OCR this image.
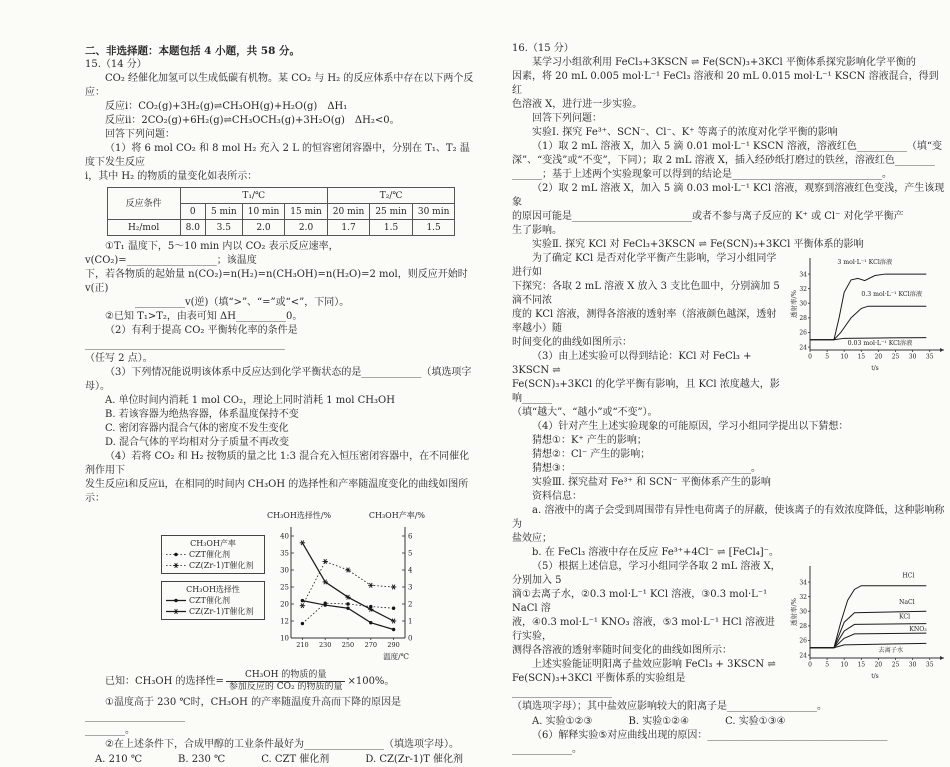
二、非选择题：本题包括 4 小题，共 58 分。
15.（14 分）
CO₂ 经催化加氢可以生成低碳有机物。某 CO₂ 与 H₂ 的反应体系中存在以下两个反应：
反应ⅰ：CO₂(g)+3H₂(g)⇌CH₃OH(g)+H₂O(g)　ΔH₁
反应ⅱ：2CO₂(g)+6H₂(g)⇌CH₃OCH₃(g)+3H₂O(g)　ΔH₂<0。
回答下列问题：
（1）将 6 mol CO₂ 和 8 mol H₂ 充入 2 L 的恒容密闭容器中，分别在 T₁、T₂ 温度下发生反应
ⅰ，其中 H₂ 的物质的量变化如表所示：
反应条件	T₁/℃				T₂/℃		
	0	5 min	10 min	15 min	20 min	25 min	30 min
H₂/mol	8.0	3.5	2.0	2.0	1.7	1.5	1.5
①T₁ 温度下，5～10 min 内以 CO₂ 表示反应速率，v(CO₂)=__________________；该温度
下，若各物质的起始量 n(CO₂)=n(H₂)=n(CH₃OH)=n(H₂O)=2 mol，则反应开始时 v(正)
__________v(逆)（填“>”、“=”或“<”，下同）。
②已知 T₁>T₂，由表可知 ΔH__________0。
（2）有利于提高 CO₂ 平衡转化率的条件是________________________________________
（任写 2 点）。
（3）下列情况能说明该体系中反应达到化学平衡状态的是____________（填选项字母）。
A. 单位时间内消耗 1 mol CO₂，理论上同时消耗 1 mol CH₃OH
B. 若该容器为绝热容器，体系温度保持不变
C. 密闭容器内混合气体的密度不发生变化
D. 混合气体的平均相对分子质量不再改变
（4）若将 CO₂ 和 H₂ 按物质的量之比 1:3 混合充入恒压密闭容器中，在不同催化剂作用下
发生反应ⅰ和反应ⅱ，在相同的时间内 CH₃OH 的选择性和产率随温度变化的曲线如图所示：
CH₃OH产率
CZT催化剂
CZ(Zr-1)T催化剂
CH₃OH选择性
CZT催化剂
CZ(Zr-1)T催化剂
CH₃OH选择性/%	CH₃OH产率/%
10
12
20
25
30
35
40
0
1
2
3
4
5
6
210 230 250 270 290
温度/℃
已知：CH₃OH 的选择性= $\frac{\text{CH₃OH 的物质的量}}{\text{参加反应的 CO₂ 的物质的量}} \times 100\%$。
①温度高于 230 ℃时，CH₃OH 的产率随温度升高而下降的原因是____________________
________。
②在上述条件下，合成甲醇的工业条件最好为________________（填选项字母）。
A. 210 ℃	B. 230 ℃	C. CZT 催化剂	D. CZ(Zr-1)T 催化剂
16.（15 分）
某学习小组欲利用 FeCl₃+3KSCN ⇌ Fe(SCN)₃+3KCl 平衡体系探究影响化学平衡的
因素，将 20 mL 0.005 mol·L⁻¹ FeCl₃ 溶液和 20 mL 0.015 mol·L⁻¹ KSCN 溶液混合，得到红
色溶液 X，进行进一步实验。
回答下列问题：
实验Ⅰ. 探究 Fe³⁺、SCN⁻、Cl⁻、K⁺ 等离子的浓度对化学平衡的影响
（1）取 2 mL 溶液 X，加入 5 滴 0.01 mol·L⁻¹ KSCN 溶液，溶液红色__________（填“变
深”、“变浅”或“不变”，下同）；取 2 mL 溶液 X，插入经砂纸打磨过的铁丝，溶液红色________
______；基于上述两个实验现象可以得到的结论是______________________________。
（2）取 2 mL 溶液 X，加入 5 滴 0.03 mol·L⁻¹ KCl 溶液，观察到溶液红色变浅，产生该现象
的原因可能是________________________或者不参与离子反应的 K⁺ 或 Cl⁻ 对化学平衡产
生了影响。
实验Ⅱ. 探究 KCl 对 FeCl₃+3KSCN ⇌ Fe(SCN)₃+3KCl 平衡体系的影响
24
26
28
30
32
34
0 5 10 15 20 25 30 35
透射率/%
t/s
3 mol·L⁻¹ KCl溶液
0.3 mol·L⁻¹ KCl溶液
0.03 mol·L⁻¹ KCl溶液
为了确定 KCl 是否对化学平衡产生影响，学习小组同学进行如
下探究：各取 2 mL 溶液 X 放入 3 支比色皿中，分别滴加 5 滴不同浓
度的 KCl 溶液，测得各溶液的透射率（溶液颜色越深，透射率越小）随
时间变化的曲线如图所示：
（3）由上述实验可以得到结论：KCl 对 FeCl₃ + 3KSCN ⇌
Fe(SCN)₃+3KCl 的化学平衡有影响，且 KCl 浓度越大，影响______
（填“越大”、“越小”或“不变”）。
（4）针对产生上述实验现象的可能原因，学习小组同学提出以下猜想：
猜想①：K⁺ 产生的影响；
猜想②：Cl⁻ 产生的影响；
猜想③：____________________________________。
实验Ⅲ. 探究盐对 Fe³⁺ 和 SCN⁻ 平衡体系产生的影响
资料信息：
a. 溶液中的离子会受到周围带有异性电荷离子的屏蔽，使该离子的有效浓度降低，这种影响称为
盐效应；
b. 在 FeCl₃ 溶液中存在反应 Fe³⁺+4Cl⁻ ⇌ [FeCl₄]⁻。
24
26
28
30
32
34
0 5 10 15 20 25 30 35
透射率/%
t/s
HCl
NaCl
KCl
KNO₃
去离子水
（5）根据上述信息，学习小组同学各取 2 mL 溶液 X，分别加入 5
滴①去离子水，②0.3 mol·L⁻¹ KCl 溶液，③0.3 mol·L⁻¹ NaCl 溶
液，④0.3 mol·L⁻¹ KNO₃ 溶液，⑤3 mol·L⁻¹ HCl 溶液进行实验，
测得各溶液的透射率随时间变化的曲线如图所示：
上述实验能证明阳离子盐效应影响 FeCl₃ + 3KSCN ⇌
Fe(SCN)₃+3KCl 平衡体系的实验组是____________________
（填选项字母）；其中盐效应影响较大的阳离子是__________________。
A. 实验①②③	B. 实验①②④	C. 实验①③④
（6）解释实验⑤对应曲线出现的原因：____________________________________
____________。
